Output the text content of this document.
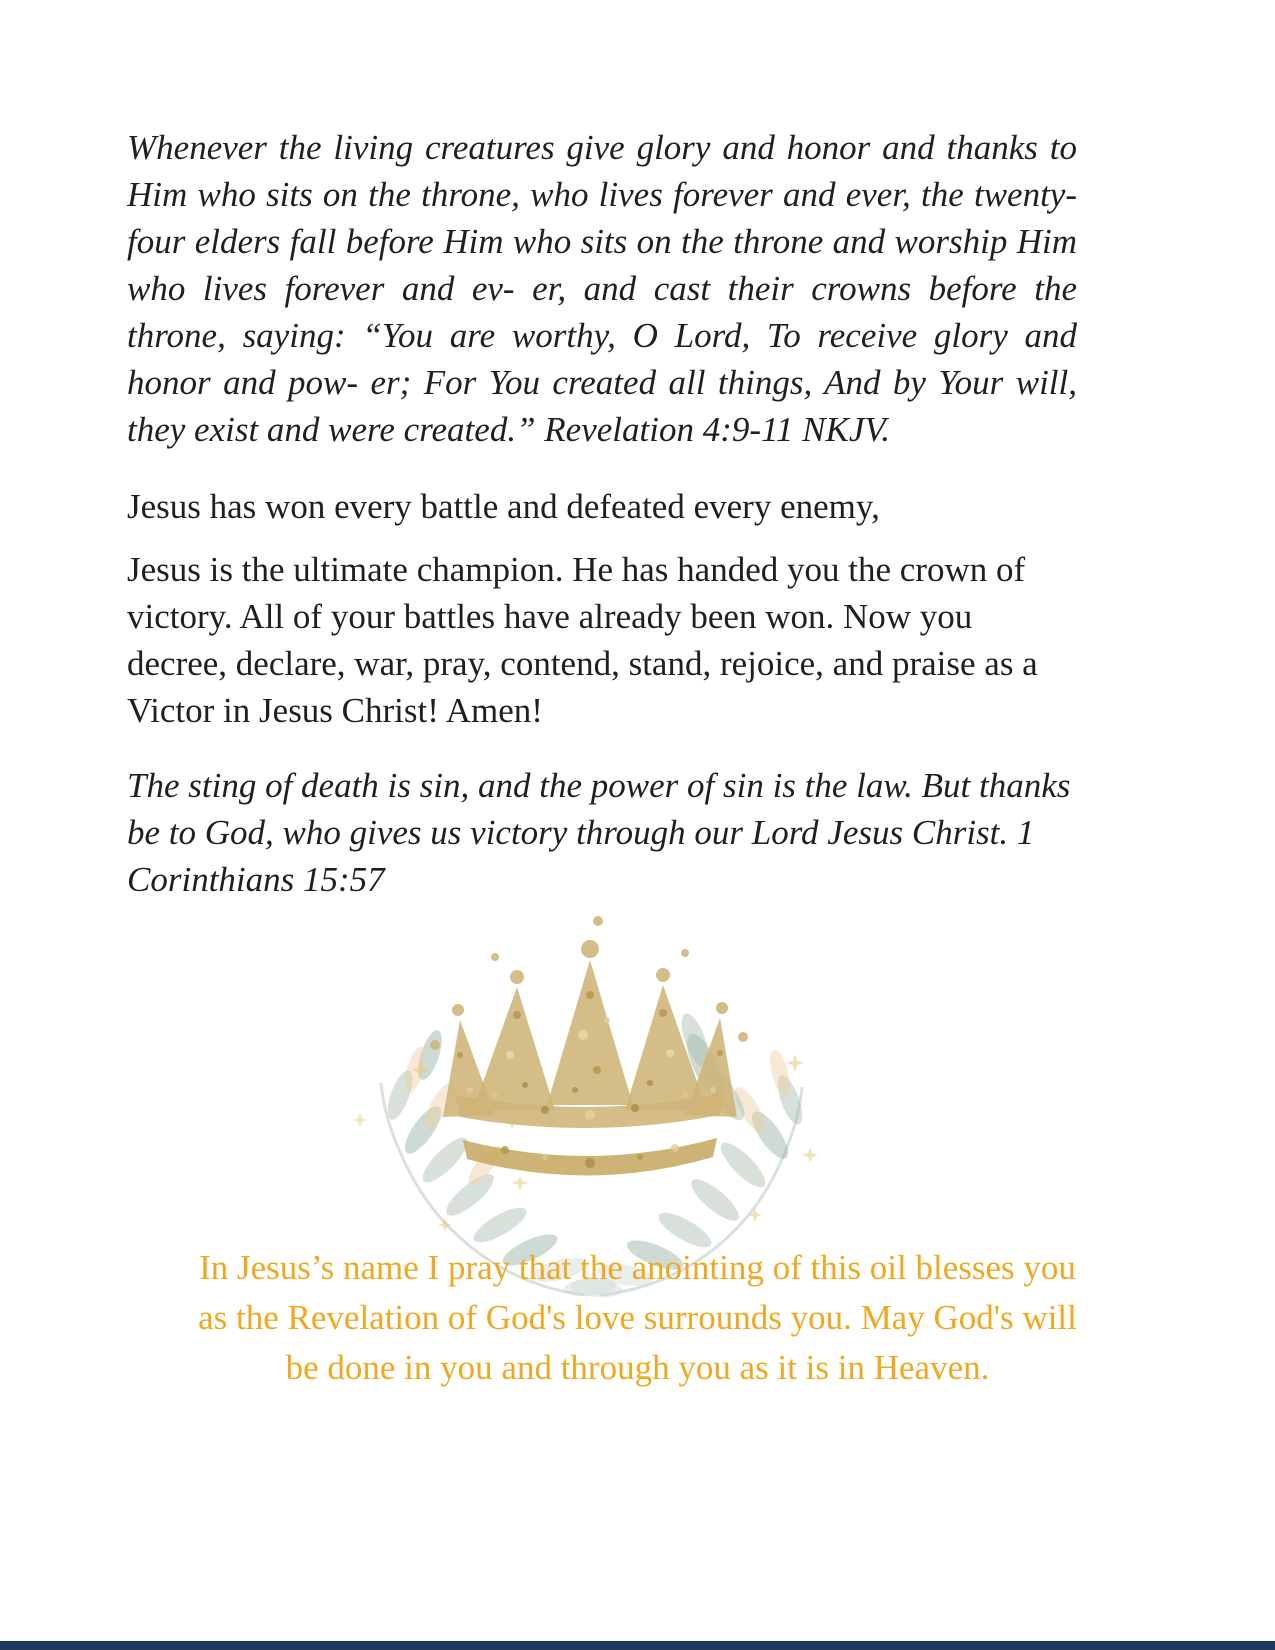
Whenever the living creatures give glory and honor and thanks to Him who sits on the throne, who lives forever and ever, the twenty-four elders fall before Him who sits on the throne and worship Him who lives forever and ev- er, and cast their crowns before the throne, saying: “You are worthy, O Lord, To receive glory and honor and pow- er; For You created all things, And by Your will, they exist and were created.” Revelation 4:9-11 NKJV.

Jesus has won every battle and defeated every enemy,

Jesus is the ultimate champion. He has handed you the crown of victory. All of your battles have already been won. Now you decree, declare, war, pray, contend, stand, rejoice, and praise as a Victor in Jesus Christ! Amen!

The sting of death is sin, and the power of sin is the law. But thanks be to God, who gives us victory through our Lord Jesus Christ. 1 Corinthians 15:57

In Jesus’s name I pray that the anointing of this oil blesses you
as the Revelation of God's love surrounds you. May God's will
be done in you and through you as it is in Heaven.
